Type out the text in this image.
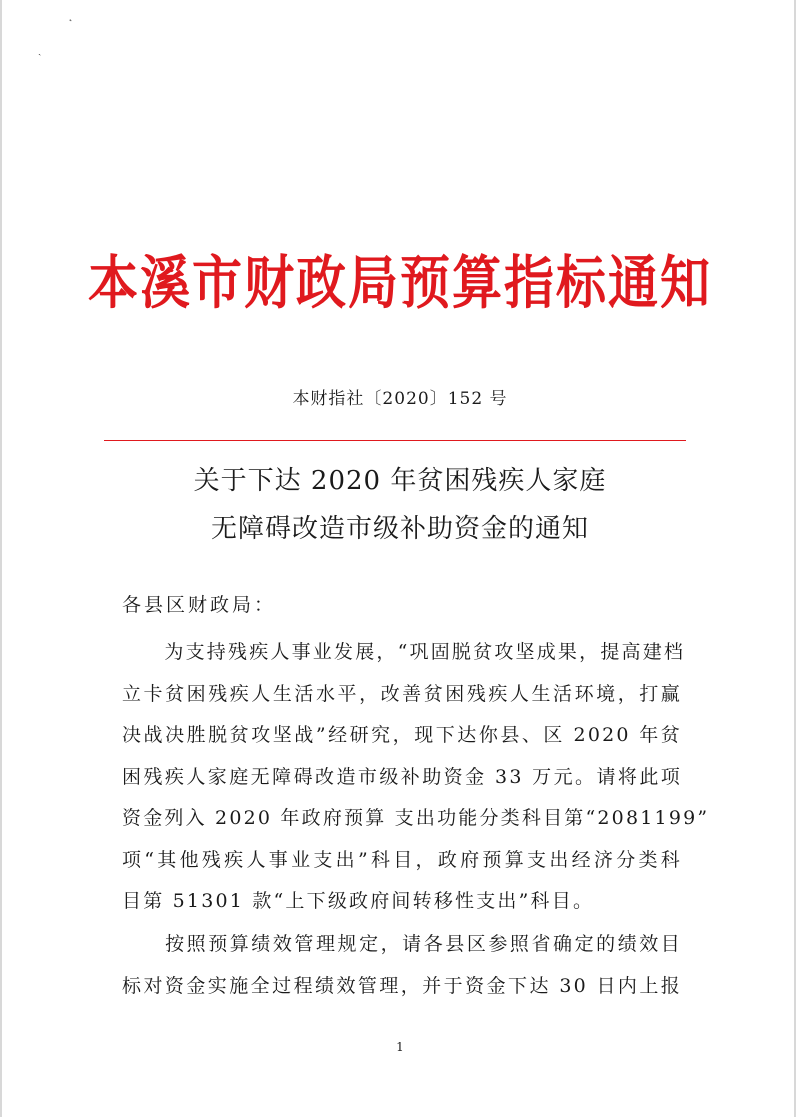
˛
ˏ
本溪市财政局预算指标通知
本财指社〔2020〕152 号
关于下达 2020 年贫困残疾人家庭
无障碍改造市级补助资金的通知
各县区财政局：
　　为支持残疾人事业发展，“巩固脱贫攻坚成果，提高建档
立卡贫困残疾人生活水平，改善贫困残疾人生活环境，打赢
决战决胜脱贫攻坚战”经研究，现下达你县、区 2020 年贫
困残疾人家庭无障碍改造市级补助资金 33 万元。请将此项
资金列入 2020 年政府预算 支出功能分类科目第“2081199”
项“其他残疾人事业支出”科目，政府预算支出经济分类科
目第 51301 款“上下级政府间转移性支出”科目。
　　按照预算绩效管理规定，请各县区参照省确定的绩效目
标对资金实施全过程绩效管理，并于资金下达 30 日内上报
1
